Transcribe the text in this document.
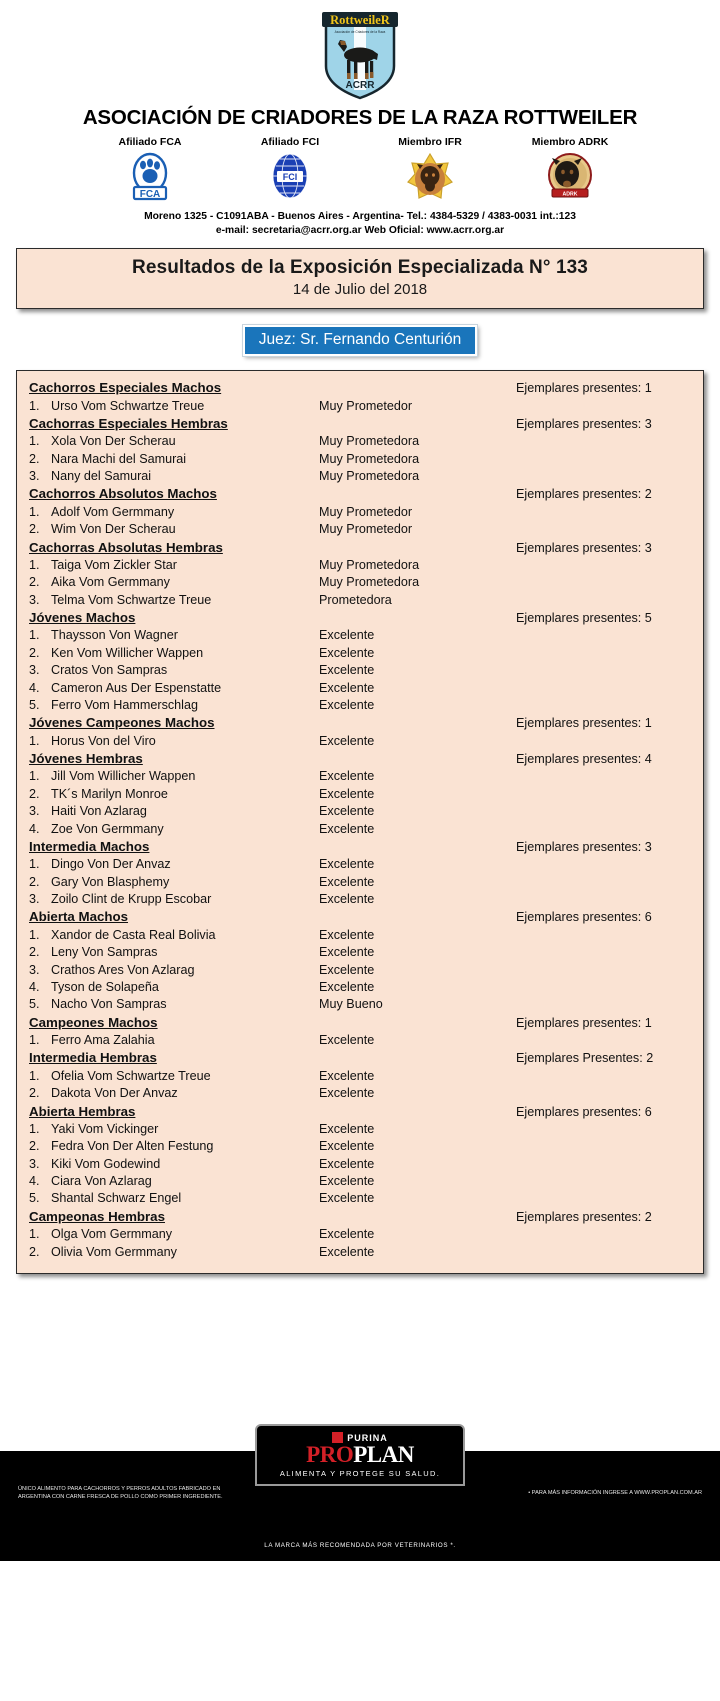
RottweileR
Asociación de Criadores de la Raza
ACRR
ASOCIACIÓN DE CRIADORES DE LA RAZA ROTTWEILER
Afiliado FCA
FCA
Afiliado FCI
FCI
Miembro IFR	Miembro ADRK
ADRK
Moreno 1325 - C1091ABA - Buenos Aires - Argentina- Tel.: 4384-5329 / 4383-0031 int.:123
e-mail: secretaria@acrr.org.ar Web Oficial: www.acrr.org.ar
Resultados de la Exposición Especializada N° 133
14 de Julio del 2018
Juez: Sr. Fernando Centurión
Cachorros Especiales Machos	Ejemplares presentes: 1
1. Urso Vom Schwartze Treue	Muy Prometedor
Cachorras Especiales Hembras	Ejemplares presentes: 3
1. Xola Von Der Scherau	Muy Prometedora
2. Nara Machi del Samurai	Muy Prometedora
3. Nany del Samurai	Muy Prometedora
Cachorros Absolutos Machos	Ejemplares presentes: 2
1. Adolf Vom Germmany	Muy Prometedor
2. Wim Von Der Scherau	Muy Prometedor
Cachorras Absolutas Hembras	Ejemplares presentes: 3
1. Taiga Vom Zickler Star	Muy Prometedora
2. Aika Vom Germmany	Muy Prometedora
3. Telma Vom Schwartze Treue	Prometedora
Jóvenes Machos	Ejemplares presentes: 5
1. Thaysson Von Wagner	Excelente
2. Ken Vom Willicher Wappen	Excelente
3. Cratos Von Sampras	Excelente
4. Cameron Aus Der Espenstatte	Excelente
5. Ferro Vom Hammerschlag	Excelente
Jóvenes Campeones Machos	Ejemplares presentes: 1
1. Horus Von del Viro	Excelente
Jóvenes Hembras	Ejemplares presentes: 4
1. Jill Vom Willicher Wappen	Excelente
2. TK´s Marilyn Monroe	Excelente
3. Haiti Von Azlarag	Excelente
4. Zoe Von Germmany	Excelente
Intermedia Machos	Ejemplares presentes: 3
1. Dingo Von Der Anvaz	Excelente
2. Gary Von Blasphemy	Excelente
3. Zoilo Clint de Krupp Escobar	Excelente
Abierta Machos	Ejemplares presentes: 6
1. Xandor de Casta Real Bolivia	Excelente
2. Leny Von Sampras	Excelente
3. Crathos Ares Von Azlarag	Excelente
4. Tyson de Solapeña	Excelente
5. Nacho Von Sampras	Muy Bueno
Campeones Machos	Ejemplares presentes: 1
1. Ferro Ama Zalahia	Excelente
Intermedia Hembras	Ejemplares Presentes: 2
1. Ofelia Vom Schwartze Treue	Excelente
2. Dakota Von Der Anvaz	Excelente
Abierta Hembras	Ejemplares presentes: 6
1. Yaki Vom Vickinger	Excelente
2. Fedra Von Der Alten Festung	Excelente
3. Kiki Vom Godewind	Excelente
4. Ciara Von Azlarag	Excelente
5. Shantal Schwarz Engel	Excelente
Campeonas Hembras	Ejemplares presentes: 2
1. Olga Vom Germmany	Excelente
2. Olivia Vom Germmany	Excelente
PURINA
PROPLAN
ALIMENTA Y PROTEGE SU SALUD.
ÚNICO ALIMENTO PARA CACHORROS Y PERROS ADULTOS FABRICADO EN ARGENTINA CON CARNE FRESCA DE POLLO COMO PRIMER INGREDIENTE.
• PARA MÁS INFORMACIÓN INGRESE A WWW.PROPLAN.COM.AR
LA MARCA MÁS RECOMENDADA POR VETERINARIOS *.
